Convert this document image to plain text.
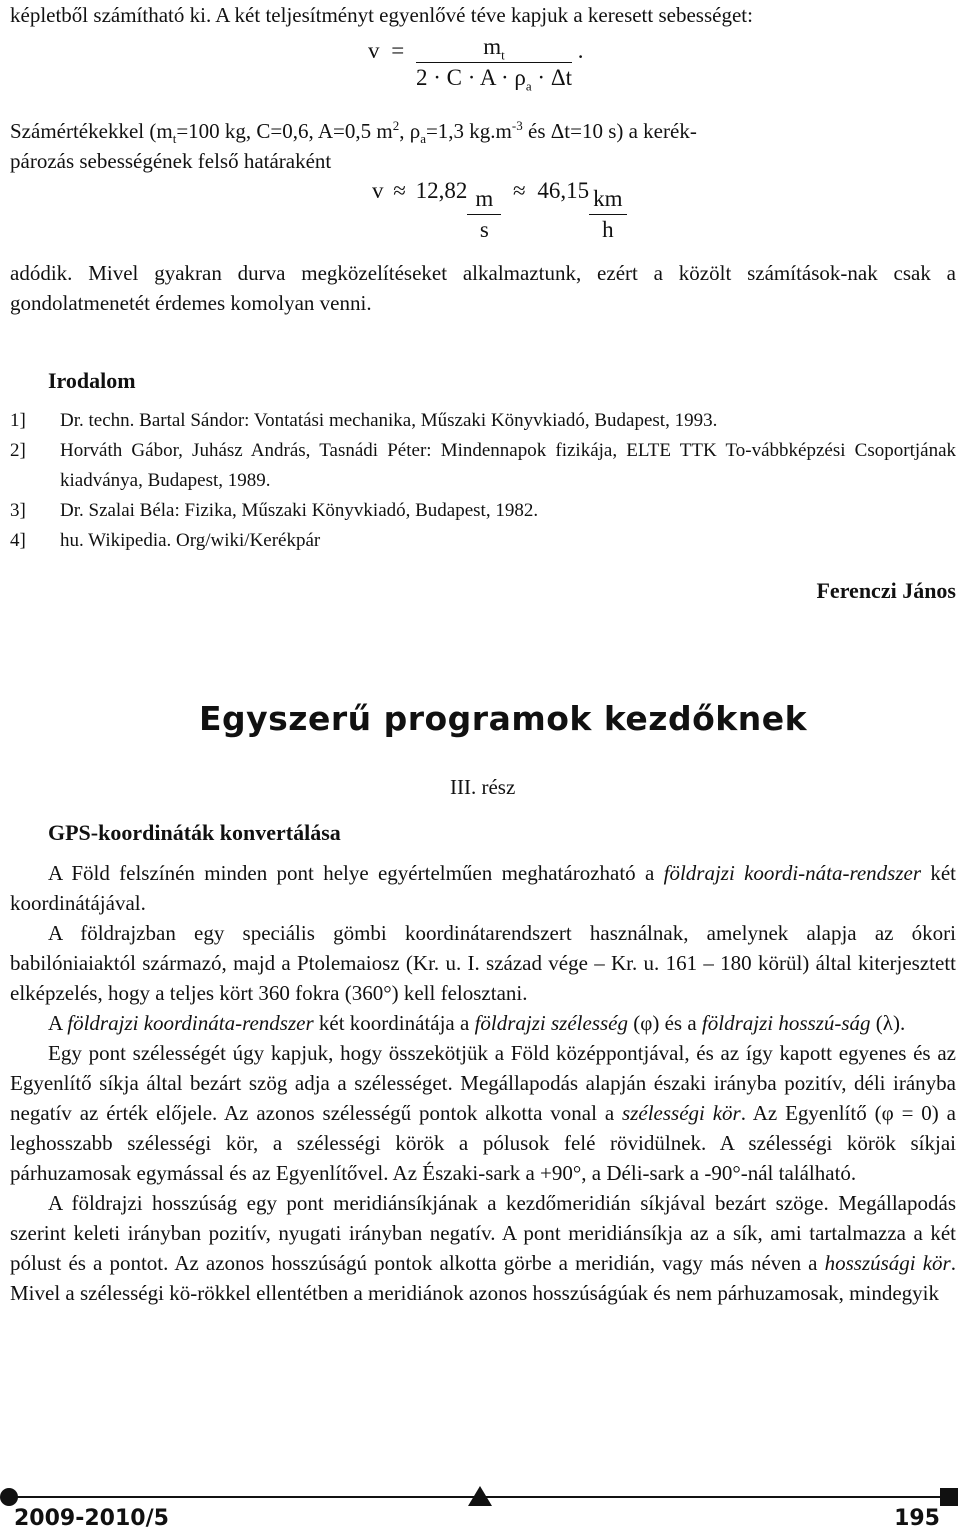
képletből számítható ki. A két teljesítményt egyenlővé téve kapjuk a keresett sebességet:

$v = \frac{m_t}{2 \cdot C \cdot A \cdot \rho_a \cdot \Delta t}$ .

Számértékekkel ($m_t=100$ kg, C=0,6, A=0,5 $m^2$, $\rho_a=1,3$ $kg.m^{-3}$ és Δt=10 s) a kerék-

pározás sebességének felső határaként

$v \approx 12,82 \frac{m}{s} \approx 46,15 \frac{km}{h}$

adódik. Mivel gyakran durva megközelítéseket alkalmaztunk, ezért a közölt számítások-nak csak a gondolatmenetét érdemes komolyan venni.

Irodalom
1]	Dr. techn. Bartal Sándor: Vontatási mechanika, Műszaki Könyvkiadó, Budapest, 1993.
2]	Horváth Gábor, Juhász András, Tasnádi Péter: Mindennapok fizikája, ELTE TTK To-vábbképzési Csoportjának kiadványa, Budapest, 1989.
3]	Dr. Szalai Béla: Fizika, Műszaki Könyvkiadó, Budapest, 1982.
4]	hu. Wikipedia. Org/wiki/Kerékpár
Ferenczi János
Egyszerű programok kezdőknek
III. rész
GPS-koordináták konvertálása

A Föld felszínén minden pont helye egyértelműen meghatározható a földrajzi koordi-náta-rendszer két koordinátájával.

A földrajzban egy speciális gömbi koordinátarendszert használnak, amelynek alapja az ókori babilóniaiaktól származó, majd a Ptolemaiosz (Kr. u. I. század vége – Kr. u. 161 – 180 körül) által kiterjesztett elképzelés, hogy a teljes kört 360 fokra (360°) kell felosztani.

A földrajzi koordináta-rendszer két koordinátája a földrajzi szélesség (φ) és a földrajzi hosszú-ság (λ).

Egy pont szélességét úgy kapjuk, hogy összekötjük a Föld középpontjával, és az így kapott egyenes és az Egyenlítő síkja által bezárt szög adja a szélességet. Megállapodás alapján északi irányba pozitív, déli irányba negatív az érték előjele. Az azonos szélességű pontok alkotta vonal a szélességi kör. Az Egyenlítő (φ = 0) a leghosszabb szélességi kör, a szélességi körök a pólusok felé rövidülnek. A szélességi körök síkjai párhuzamosak egymással és az Egyenlítővel. Az Északi-sark a +90°, a Déli-sark a -90°-nál található.

A földrajzi hosszúság egy pont meridiánsíkjának a kezdőmeridián síkjával bezárt szöge. Megállapodás szerint keleti irányban pozitív, nyugati irányban negatív. A pont meridiánsíkja az a sík, ami tartalmazza a két pólust és a pontot. Az azonos hosszúságú pontok alkotta görbe a meridián, vagy más néven a hosszúsági kör. Mivel a szélességi kö-rökkel ellentétben a meridiánok azonos hosszúságúak és nem párhuzamosak, mindegyik

2009-2010/5	195
